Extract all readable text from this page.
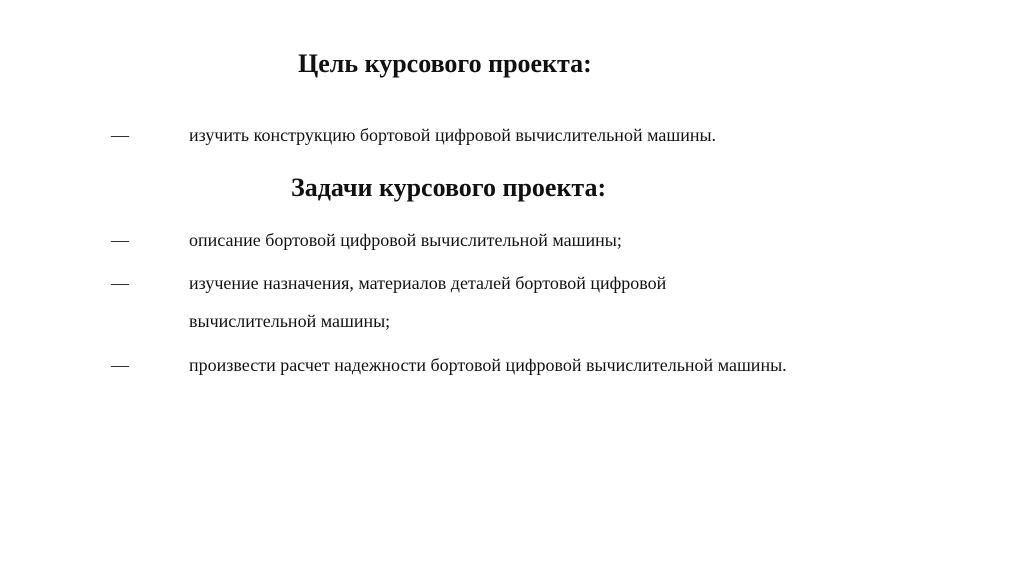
Цель курсового проекта:
—	изучить конструкцию бортовой цифровой вычислительной машины.
Задачи курсового проекта:
—	описание бортовой цифровой вычислительной машины;
—	изучение назначения, материалов деталей бортовой цифровой
вычислительной машины;
—	произвести расчет надежности бортовой цифровой вычислительной машины.
